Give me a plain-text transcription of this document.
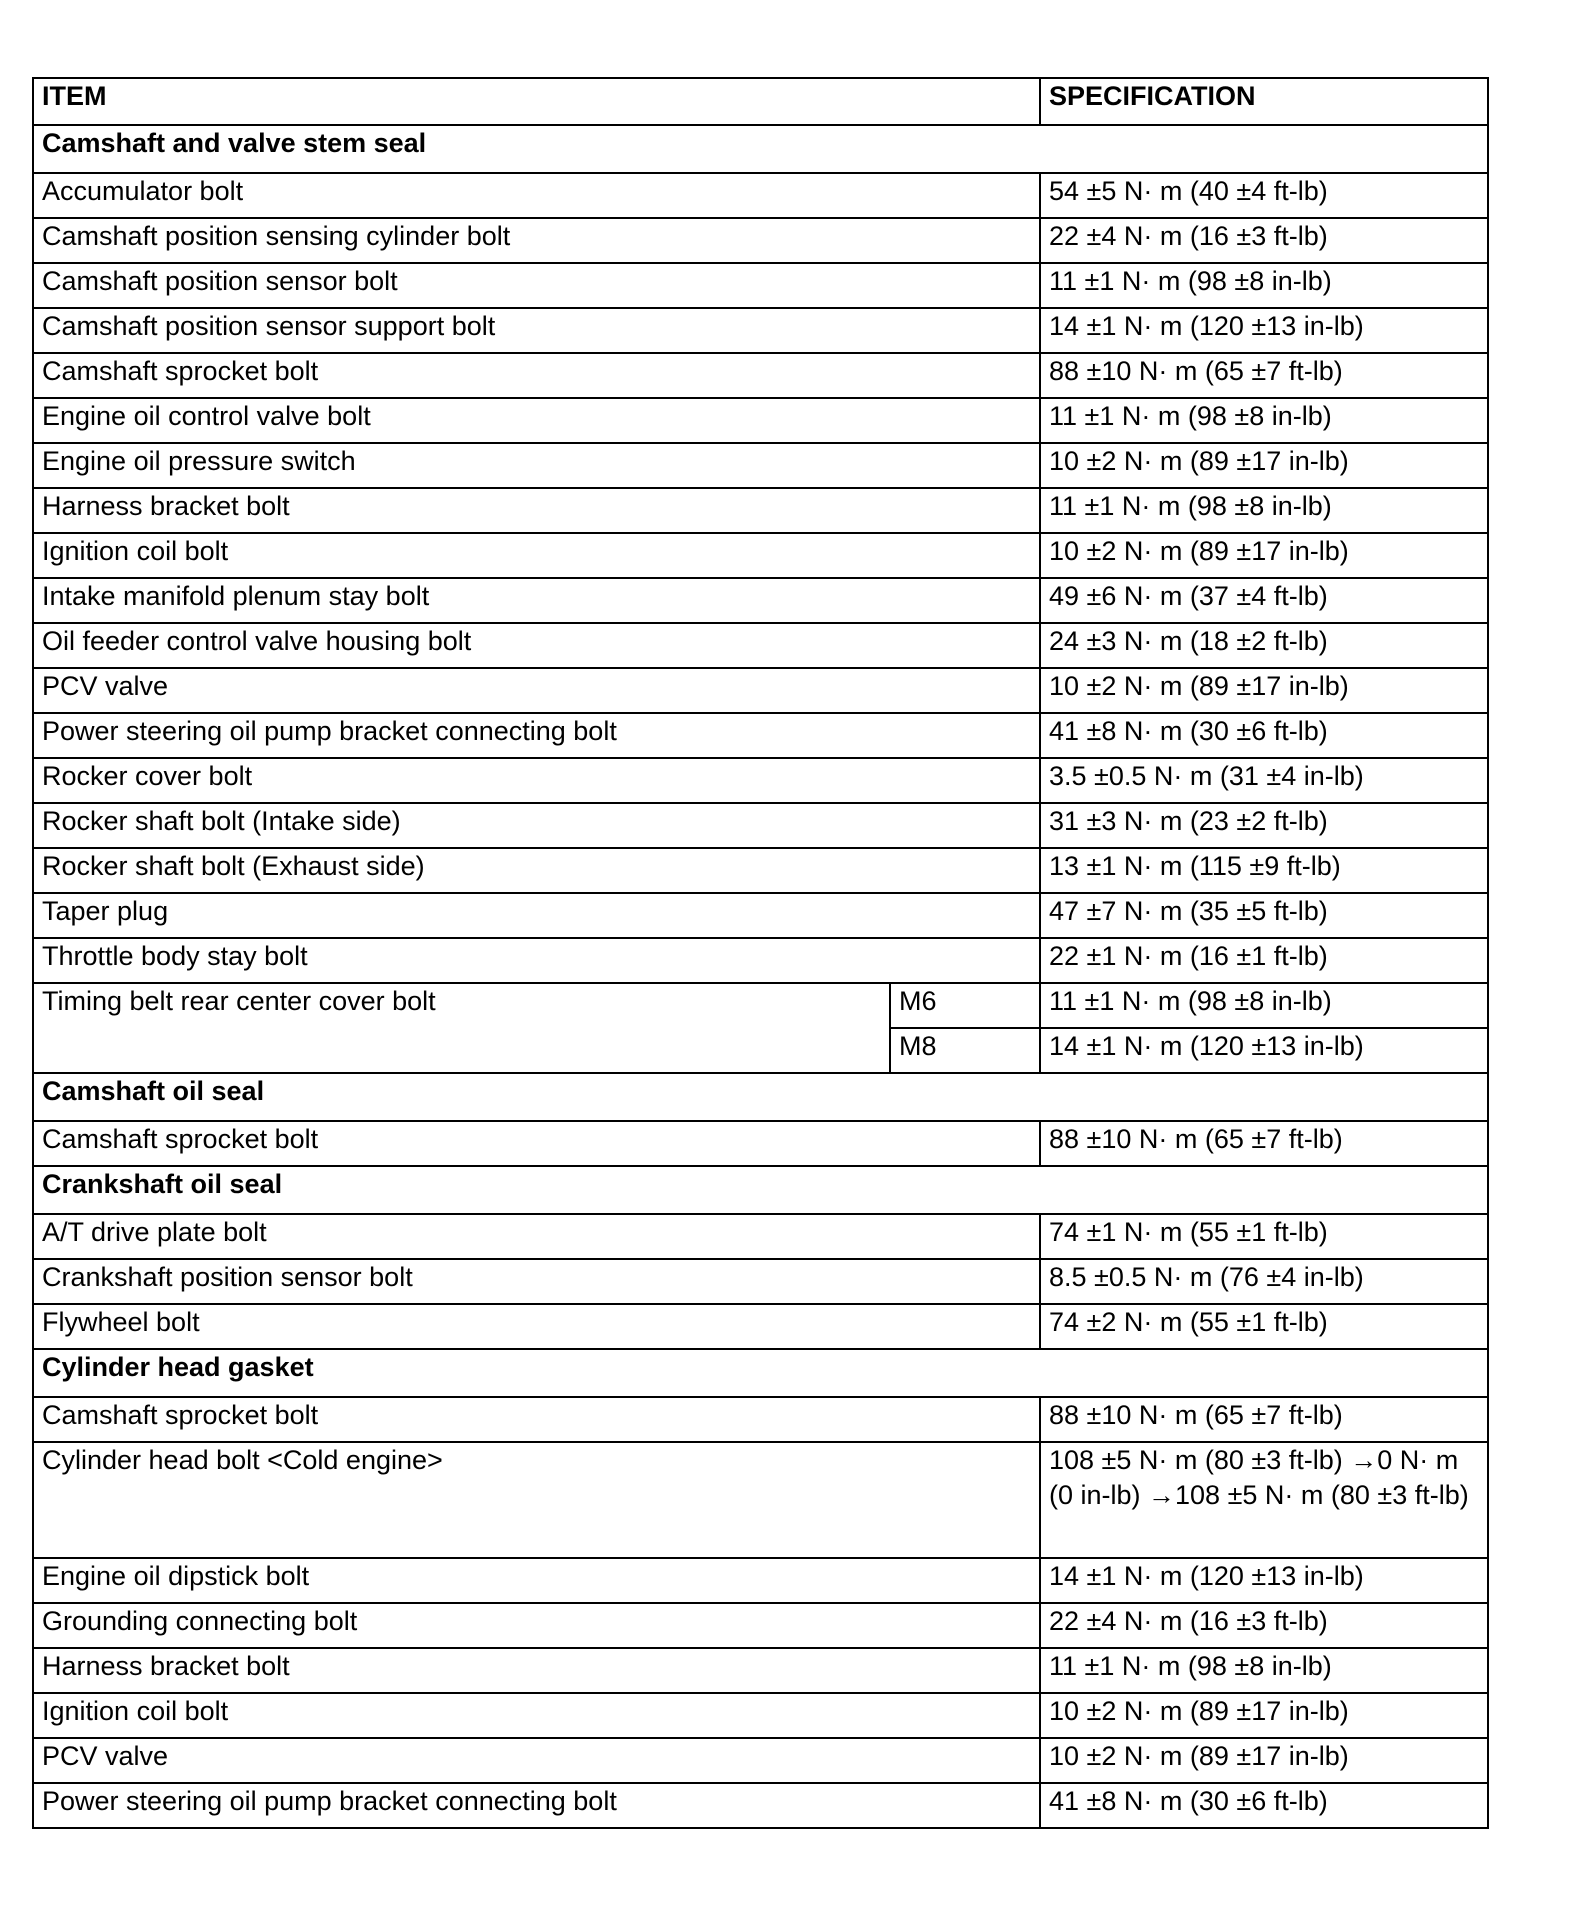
ITEM		SPECIFICATION
Camshaft and valve stem seal		
Accumulator bolt		54 ±5 N· m (40 ±4 ft-lb)
Camshaft position sensing cylinder bolt		22 ±4 N· m (16 ±3 ft-lb)
Camshaft position sensor bolt		11 ±1 N· m (98 ±8 in-lb)
Camshaft position sensor support bolt		14 ±1 N· m (120 ±13 in-lb)
Camshaft sprocket bolt		88 ±10 N· m (65 ±7 ft-lb)
Engine oil control valve bolt		11 ±1 N· m (98 ±8 in-lb)
Engine oil pressure switch		10 ±2 N· m (89 ±17 in-lb)
Harness bracket bolt		11 ±1 N· m (98 ±8 in-lb)
Ignition coil bolt		10 ±2 N· m (89 ±17 in-lb)
Intake manifold plenum stay bolt		49 ±6 N· m (37 ±4 ft-lb)
Oil feeder control valve housing bolt		24 ±3 N· m (18 ±2 ft-lb)
PCV valve		10 ±2 N· m (89 ±17 in-lb)
Power steering oil pump bracket connecting bolt		41 ±8 N· m (30 ±6 ft-lb)
Rocker cover bolt		3.5 ±0.5 N· m (31 ±4 in-lb)
Rocker shaft bolt (Intake side)		31 ±3 N· m (23 ±2 ft-lb)
Rocker shaft bolt (Exhaust side)		13 ±1 N· m (115 ±9 ft-lb)
Taper plug		47 ±7 N· m (35 ±5 ft-lb)
Throttle body stay bolt		22 ±1 N· m (16 ±1 ft-lb)
Timing belt rear center cover bolt	M6	11 ±1 N· m (98 ±8 in-lb)
	M8	14 ±1 N· m (120 ±13 in-lb)
Camshaft oil seal		
Camshaft sprocket bolt		88 ±10 N· m (65 ±7 ft-lb)
Crankshaft oil seal		
A/T drive plate bolt		74 ±1 N· m (55 ±1 ft-lb)
Crankshaft position sensor bolt		8.5 ±0.5 N· m (76 ±4 in-lb)
Flywheel bolt		74 ±2 N· m (55 ±1 ft-lb)
Cylinder head gasket		
Camshaft sprocket bolt		88 ±10 N· m (65 ±7 ft-lb)
Cylinder head bolt <Cold engine>		108 ±5 N· m (80 ±3 ft-lb) →0 N· m (0 in-lb) →108 ±5 N· m (80 ±3 ft-lb)
Engine oil dipstick bolt		14 ±1 N· m (120 ±13 in-lb)
Grounding connecting bolt		22 ±4 N· m (16 ±3 ft-lb)
Harness bracket bolt		11 ±1 N· m (98 ±8 in-lb)
Ignition coil bolt		10 ±2 N· m (89 ±17 in-lb)
PCV valve		10 ±2 N· m (89 ±17 in-lb)
Power steering oil pump bracket connecting bolt		41 ±8 N· m (30 ±6 ft-lb)
